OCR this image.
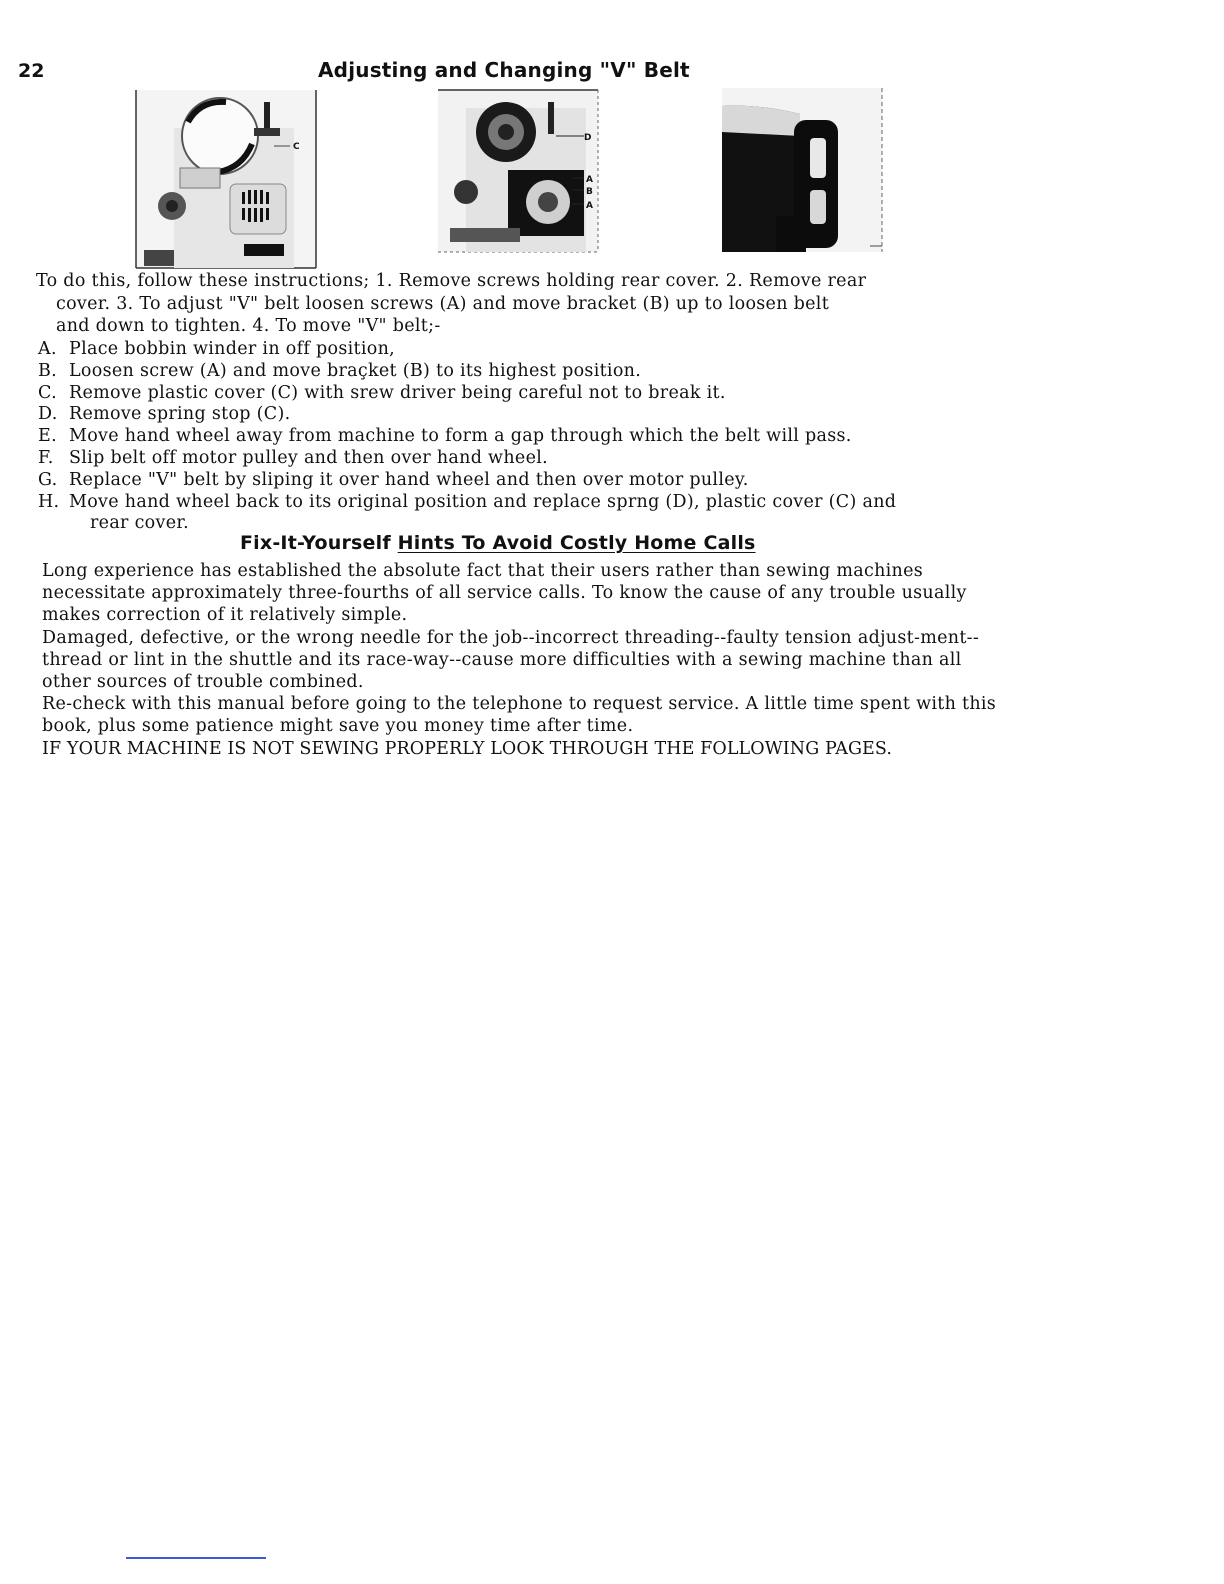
22	Adjusting and Changing "V" Belt
C
D
A
B
A
To do this, follow these instructions; 1. Remove screws holding rear cover. 2. Remove rear
cover. 3. To adjust "V" belt loosen screws (A) and move bracket (B) up to loosen belt
and down to tighten. 4. To move "V" belt;-
A. Place bobbin winder in off position,
B. Loosen screw (A) and move braçket (B) to its highest position.
C. Remove plastic cover (C) with srew driver being careful not to break it.
D. Remove spring stop (C).
E. Move hand wheel away from machine to form a gap through which the belt will pass.
F. Slip belt off motor pulley and then over hand wheel.
G. Replace "V" belt by sliping it over hand wheel and then over motor pulley.
H. Move hand wheel back to its original position and replace sprng (D), plastic cover (C) and
rear cover.
Fix-It-Yourself Hints To Avoid Costly Home Calls
Long experience has established the absolute fact that their users rather than sewing machines necessitate approximately three-fourths of all service calls. To know the cause of any trouble usually makes correction of it relatively simple.
Damaged, defective, or the wrong needle for the job--incorrect threading--faulty tension adjust-ment--thread or lint in the shuttle and its race-way--cause more difficulties with a sewing machine than all other sources of trouble combined.
Re-check with this manual before going to the telephone to request service. A little time spent with this book, plus some patience might save you money time after time.
IF YOUR MACHINE IS NOT SEWING PROPERLY LOOK THROUGH THE FOLLOWING PAGES.
